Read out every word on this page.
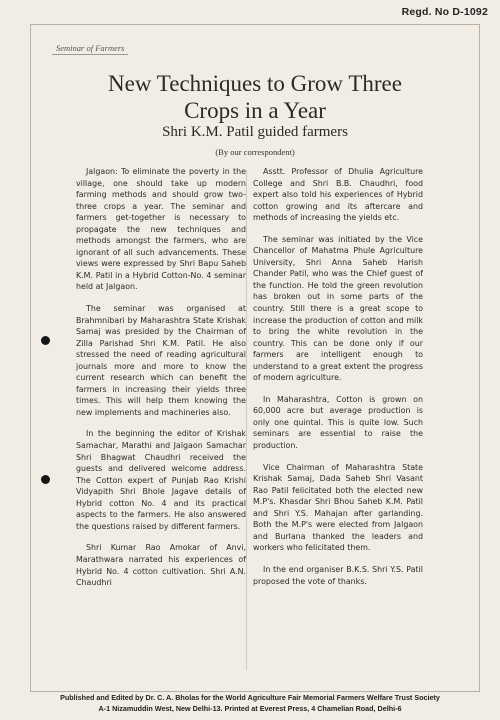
Regd. No D-1092
Seminar of Farmers
New Techniques to Grow Three
Crops in a Year
Shri K.M. Patil guided farmers
(By our correspondent)

Jalgaon: To eliminate the poverty in the village, one should take up modern farming methods and should grow two-three crops a year. The seminar and farmers get-together is necessary to propagate the new techniques and methods amongst the farmers, who are ignorant of all such advancements. These views were expressed by Shri Bapu Saheb K.M. Patil in a Hybrid Cotton-No. 4 seminar held at Jalgaon.

The seminar was organised at Brahmnibari by Maharashtra State Krishak Samaj was presided by the Chairman of Zilla Parishad Shri K.M. Patil. He also stressed the need of reading agricultural journals more and more to know the current research which can benefit the farmers in increasing their yields three times. This will help them knowing the new implements and machineries also.

In the beginning the editor of Krishak Samachar, Marathi and Jalgaon Samachar Shri Bhagwat Chaudhri received the guests and delivered welcome address. The Cotton expert of Punjab Rao Krishi Vidyapith Shri Bhole Jagave details of Hybrid cotton No. 4 and its practical aspects to the farmers. He also answered the questions raised by different farmers.

Shri Kumar Rao Amokar of Anvi, Marathwara narrated his experiences of Hybrid No. 4 cotton cultivation. Shri A.N. Chaudhri

Asstt. Professor of Dhulia Agriculture College and Shri B.B. Chaudhri, food expert also told his experiences of Hybrid cotton growing and its aftercare and methods of increasing the yields etc.

The seminar was initiated by the Vice Chancellor of Mahatma Phule Agriculture University, Shri Anna Saheb Harish Chander Patil, who was the Chief guest of the function. He told the green revolution has broken out in some parts of the country. Still there is a great scope to increase the production of cotton and milk to bring the white revolution in the country. This can be done only if our farmers are intelligent enough to understand to a great extent the progress of modern agriculture.

In Maharashtra, Cotton is grown on 60,000 acre but average production is only one quintal. This is quite low. Such seminars are essential to raise the production.

Vice Chairman of Maharashtra State Krishak Samaj, Dada Saheb Shri Vasant Rao Patil felicitated both the elected new M.P's. Khasdar Shri Bhou Saheb K.M. Patil and Shri Y.S. Mahajan after garlanding. Both the M.P's were elected from Jalgaon and Burlana thanked the leaders and workers who felicitated them.

In the end organiser B.K.S. Shri Y.S. Patil proposed the vote of thanks.

Published and Edited by Dr. C. A. Bholas for the World Agriculture Fair Memorial Farmers Welfare Trust Society
A-1 Nizamuddin West, New Delhi-13. Printed at Everest Press, 4 Chamelian Road, Delhi-6
